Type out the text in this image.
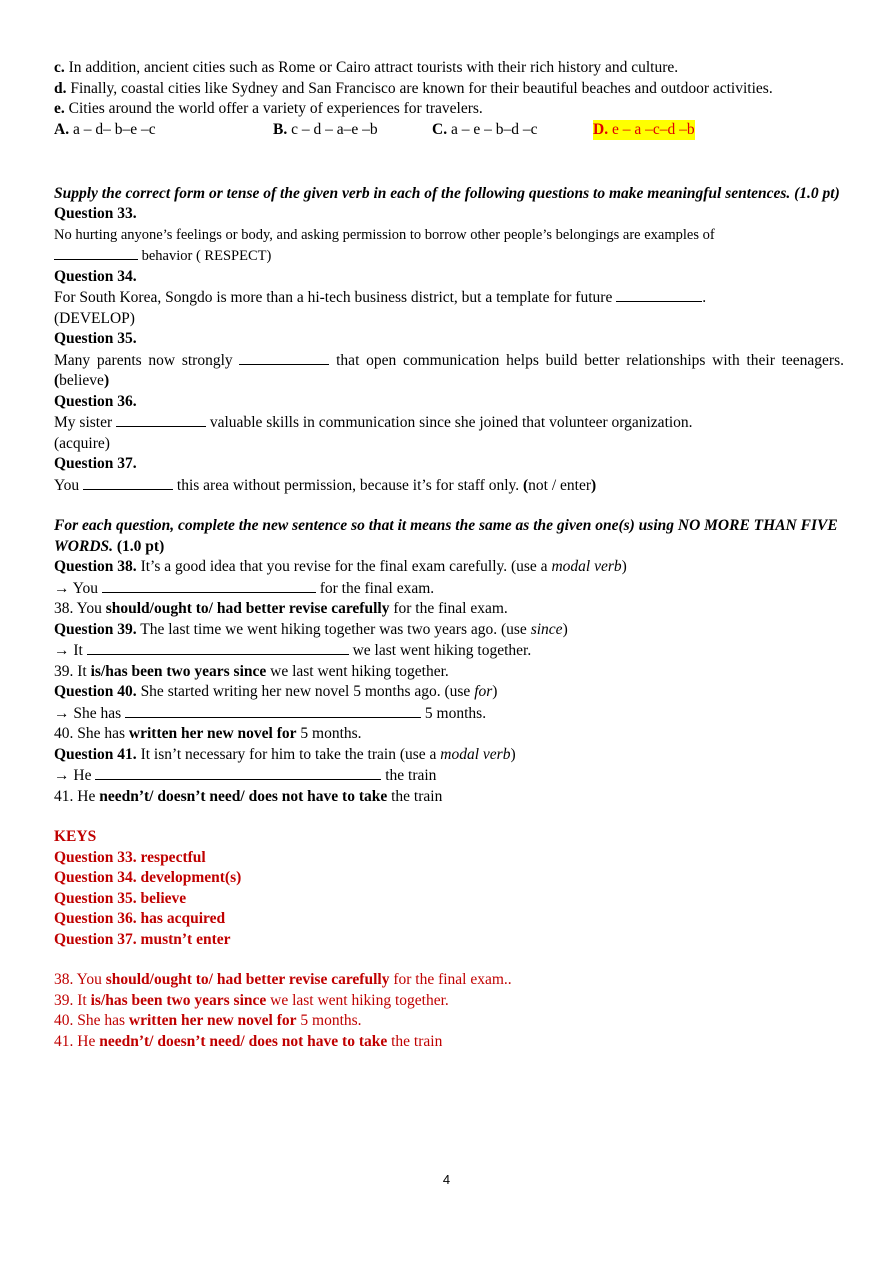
c. In addition, ancient cities such as Rome or Cairo attract tourists with their rich history and culture.

d. Finally, coastal cities like Sydney and San Francisco are known for their beautiful beaches and outdoor activities.

e. Cities around the world offer a variety of experiences for travelers.

A. a – d– b–e –c	B. c – d – a–e –b	C. a – e – b–d –c	D. e – a –c–d –b

Supply the correct form or tense of the given verb in each of the following questions to make meaningful sentences. (1.0 pt)

Question 33.

No hurting anyone’s feelings or body, and asking permission to borrow other people’s belongings are examples of

behavior ( RESPECT)

Question 34.

For South Korea, Songdo is more than a hi-tech business district, but a template for future	.

(DEVELOP)

Question 35.

Many parents now strongly	that open communication helps build better relationships with their teenagers. (believe)

Question 36.

My sister	valuable skills in communication since she joined that volunteer organization.

(acquire)

Question 37.

You	this area without permission, because it’s for staff only. (not / enter)

For each question, complete the new sentence so that it means the same as the given one(s) using NO MORE THAN FIVE WORDS. (1.0 pt)

Question 38. It’s a good idea that you revise for the final exam carefully. (use a modal verb)

→ You	for the final exam.

38. You should/ought to/ had better revise carefully for the final exam.

Question 39. The last time we went hiking together was two years ago. (use since)

→ It	we last went hiking together.

39. It is/has been two years since we last went hiking together.

Question 40. She started writing her new novel 5 months ago. (use for)

→ She has	5 months.

40. She has written her new novel for 5 months.

Question 41. It isn’t necessary for him to take the train (use a modal verb)

→ He	the train

41. He needn’t/ doesn’t need/ does not have to take the train

KEYS

Question 33. respectful

Question 34. development(s)

Question 35. believe

Question 36. has acquired

Question 37. mustn’t enter

38. You should/ought to/ had better revise carefully for the final exam..

39. It is/has been two years since we last went hiking together.

40. She has written her new novel for 5 months.

41. He needn’t/ doesn’t need/ does not have to take the train

4
